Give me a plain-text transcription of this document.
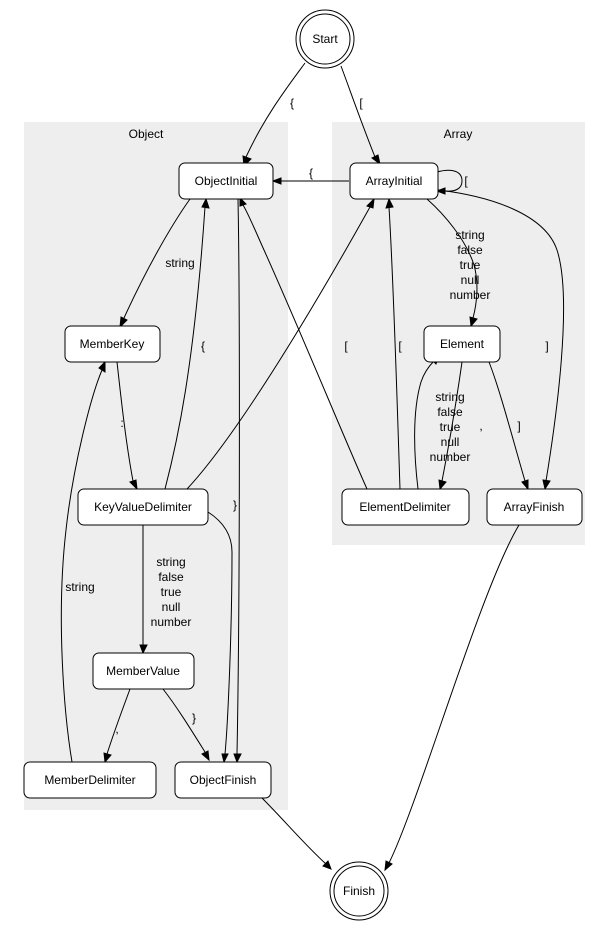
Object	Array
Start
Finish
ObjectInitial	ArrayInitial
MemberKey	Element
KeyValueDelimiter	ElementDelimiter	ArrayFinish
MemberValue
MemberDelimiter	ObjectFinish
{	[
{
[
string
:
{	[
string
false
true
null
number
,
}
string
}
string
false
true
null
number
[
string
false
true
null
number
,	]
]
